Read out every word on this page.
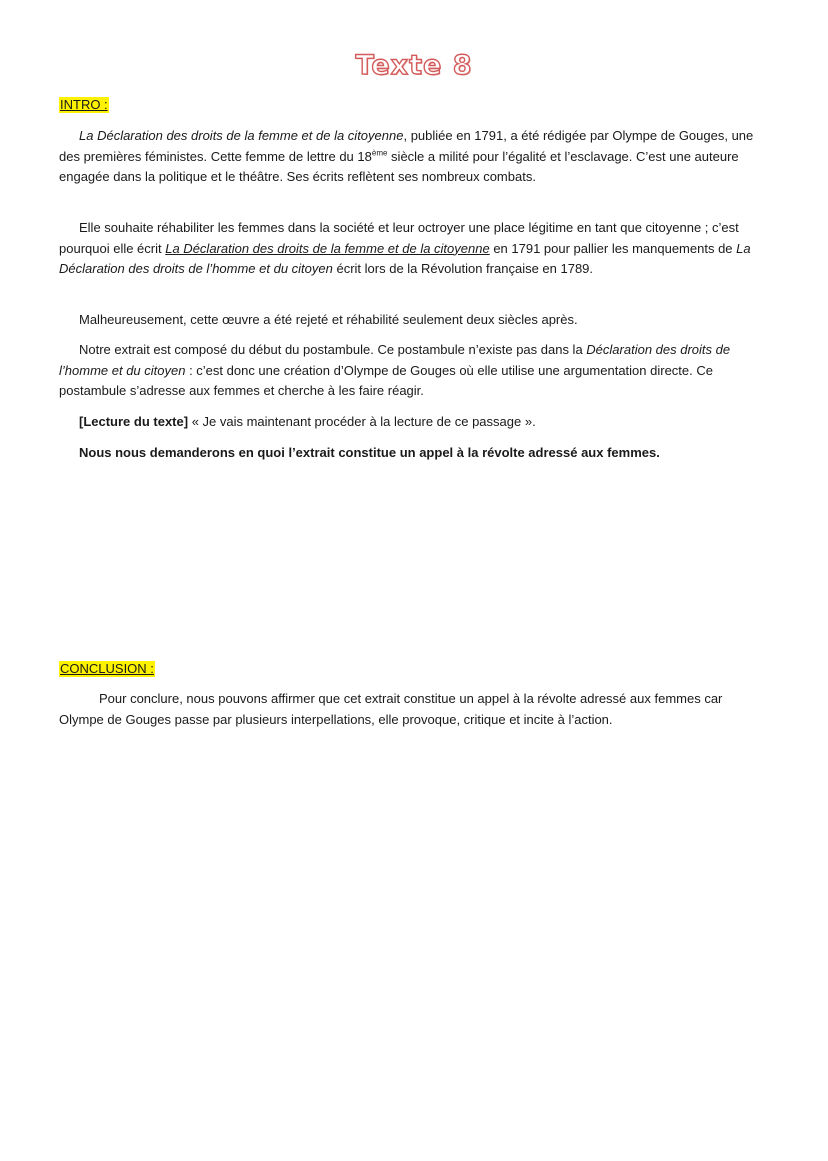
Texte 8
INTRO :

La Déclaration des droits de la femme et de la citoyenne, publiée en 1791, a été rédigée par Olympe de Gouges, une des premières féministes. Cette femme de lettre du 18ème siècle a milité pour l’égalité et l’esclavage. C’est une auteure engagée dans la politique et le théâtre. Ses écrits reflètent ses nombreux combats.

Elle souhaite réhabiliter les femmes dans la société et leur octroyer une place légitime en tant que citoyenne ; c’est pourquoi elle écrit La Déclaration des droits de la femme et de la citoyenne en 1791 pour pallier les manquements de La Déclaration des droits de l’homme et du citoyen écrit lors de la Révolution française en 1789.

Malheureusement, cette œuvre a été rejeté et réhabilité seulement deux siècles après.

Notre extrait est composé du début du postambule. Ce postambule n’existe pas dans la Déclaration des droits de l’homme et du citoyen : c’est donc une création d’Olympe de Gouges où elle utilise une argumentation directe. Ce postambule s’adresse aux femmes et cherche à les faire réagir.

[Lecture du texte] « Je vais maintenant procéder à la lecture de ce passage ».

Nous nous demanderons en quoi l’extrait constitue un appel à la révolte adressé aux femmes.

CONCLUSION :

Pour conclure, nous pouvons affirmer que cet extrait constitue un appel à la révolte adressé aux femmes car Olympe de Gouges passe par plusieurs interpellations, elle provoque, critique et incite à l’action.
